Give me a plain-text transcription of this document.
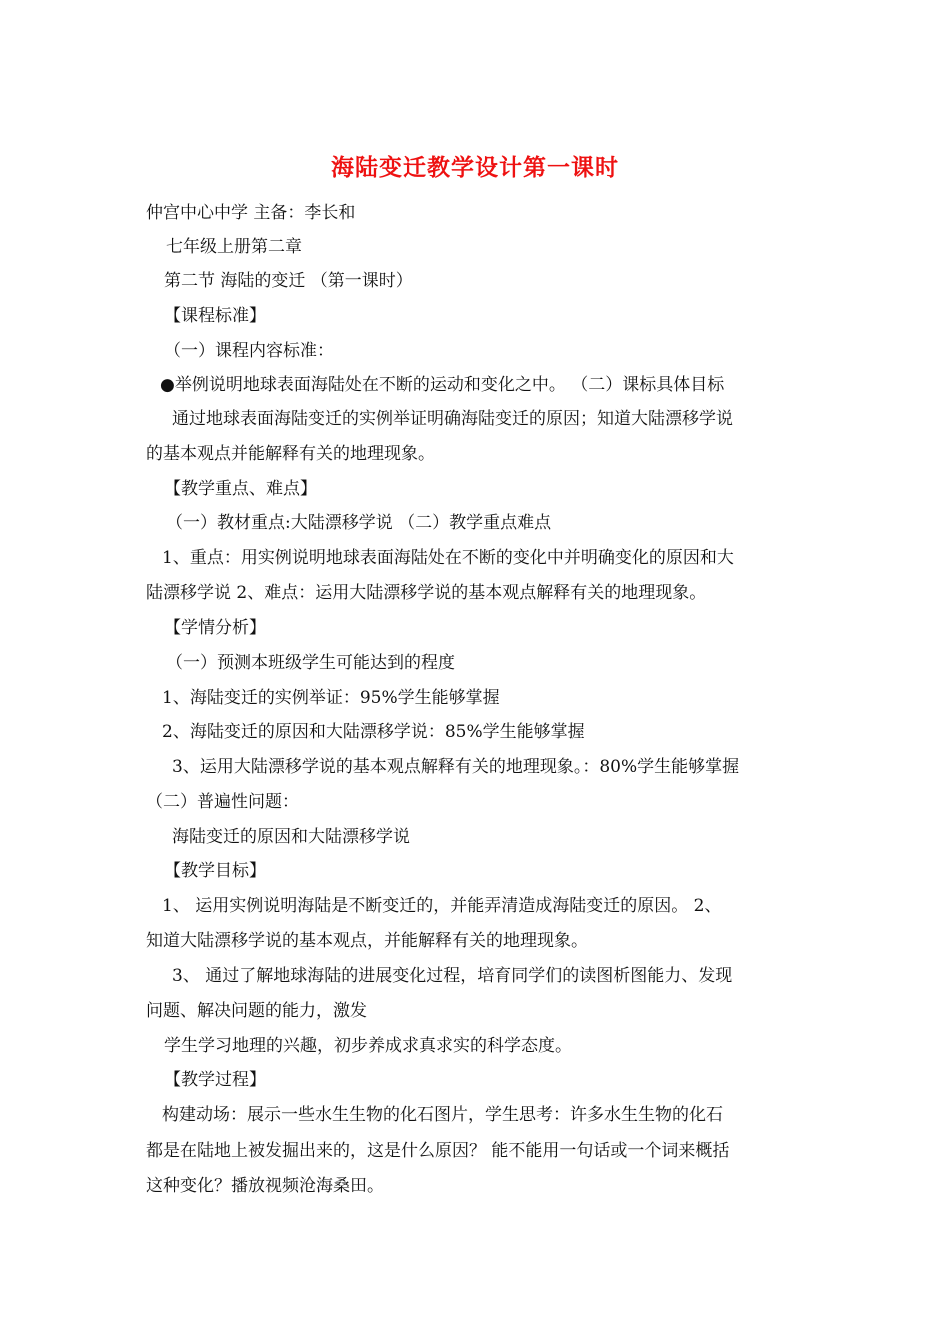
海陆变迁教学设计第一课时
仲宫中心中学 主备：李长和
七年级上册第二章
第二节 海陆的变迁 （第一课时）
【课程标准】
（一）课程内容标准：
●举例说明地球表面海陆处在不断的运动和变化之中。 （二）课标具体目标
通过地球表面海陆变迁的实例举证明确海陆变迁的原因；知道大陆漂移学说
的基本观点并能解释有关的地理现象。
【教学重点、难点】
（一）教材重点:大陆漂移学说 （二）教学重点难点
1、重点：用实例说明地球表面海陆处在不断的变化中并明确变化的原因和大
陆漂移学说 2、难点：运用大陆漂移学说的基本观点解释有关的地理现象。
【学情分析】
（一）预测本班级学生可能达到的程度
1、海陆变迁的实例举证：95%学生能够掌握
2、海陆变迁的原因和大陆漂移学说：85%学生能够掌握
3、运用大陆漂移学说的基本观点解释有关的地理现象。：80%学生能够掌握
（二）普遍性问题：
海陆变迁的原因和大陆漂移学说
【教学目标】
1、 运用实例说明海陆是不断变迁的，并能弄清造成海陆变迁的原因。 2、
知道大陆漂移学说的基本观点，并能解释有关的地理现象。
3、 通过了解地球海陆的进展变化过程，培育同学们的读图析图能力、发现
问题、解决问题的能力，激发
学生学习地理的兴趣，初步养成求真求实的科学态度。
【教学过程】
构建动场：展示一些水生生物的化石图片，学生思考：许多水生生物的化石
都是在陆地上被发掘出来的，这是什么原因？ 能不能用一句话或一个词来概括
这种变化？播放视频沧海桑田。
